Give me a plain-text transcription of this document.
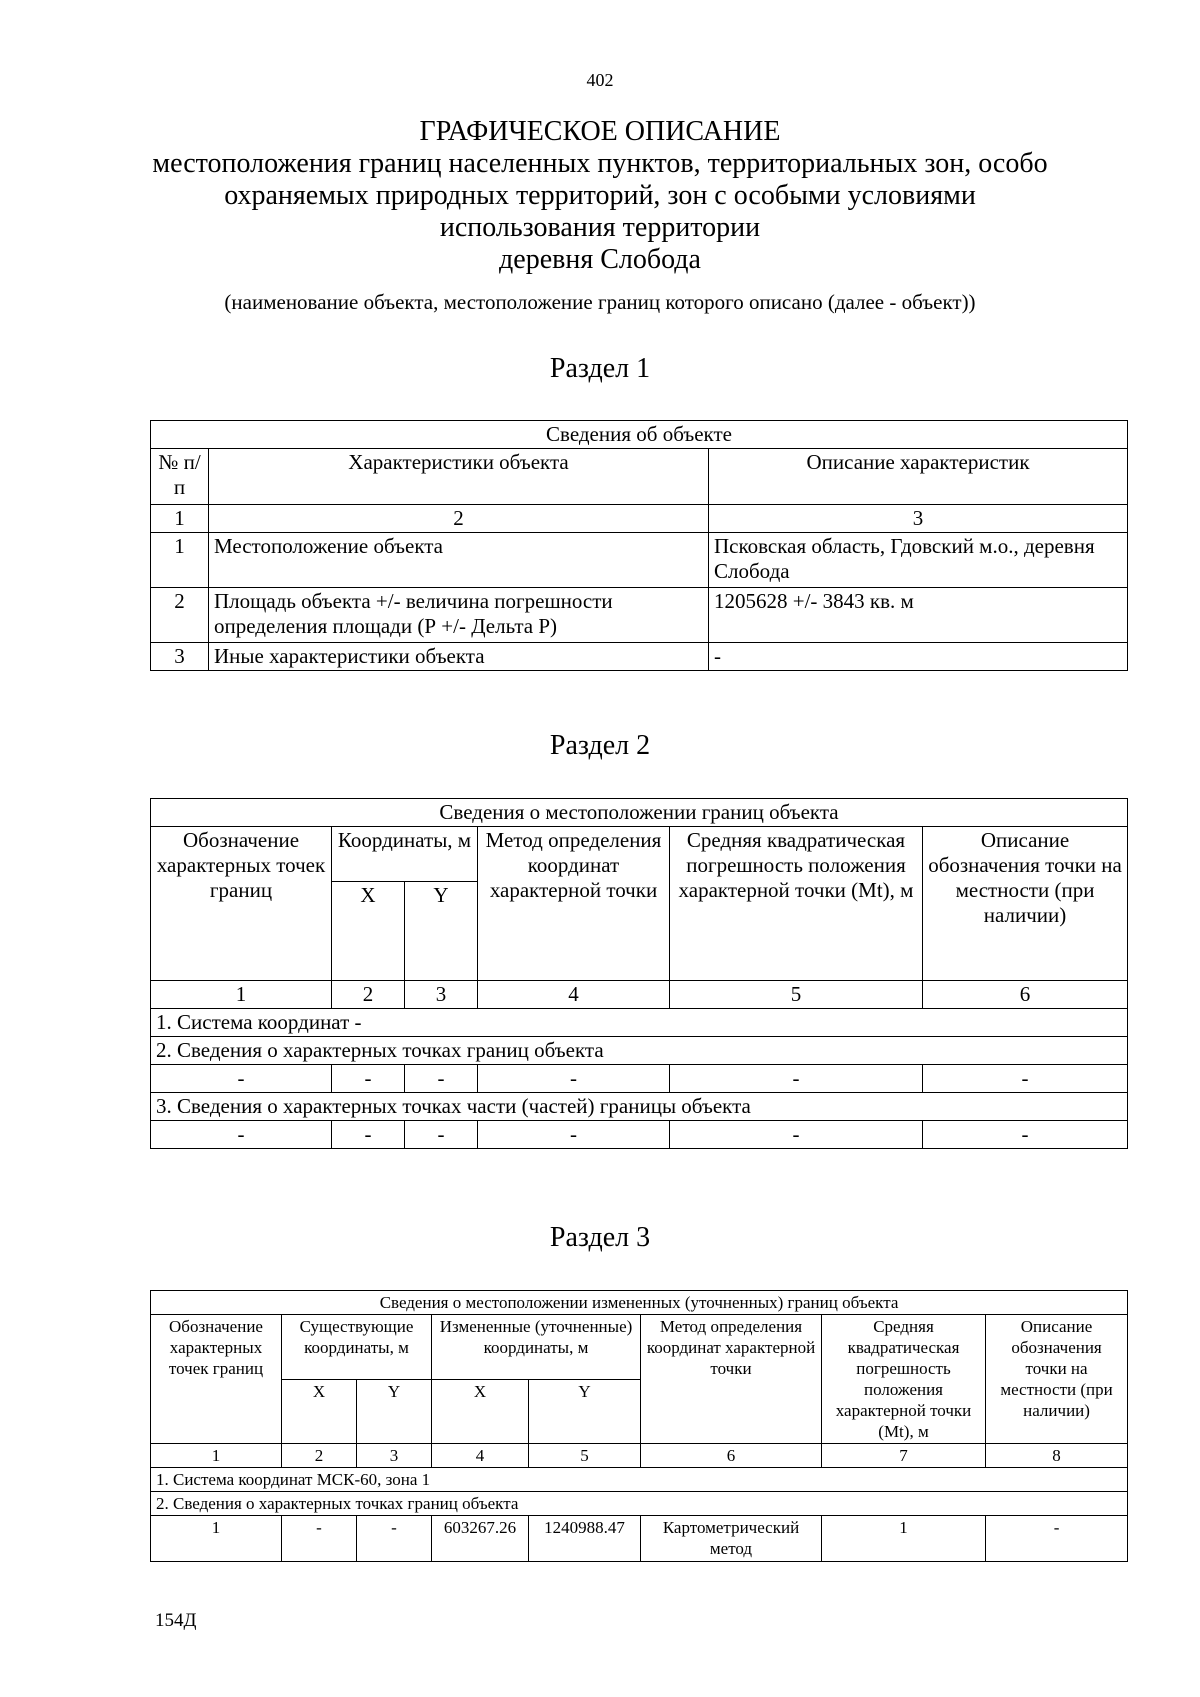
402
ГРАФИЧЕСКОЕ ОПИСАНИЕ
местоположения границ населенных пунктов, территориальных зон, особо
охраняемых природных территорий, зон с особыми условиями
использования территории
деревня Слобода
(наименование объекта, местоположение границ которого описано (далее - объект))
Раздел 1
Сведения об объекте		
№ п/п	Характеристики объекта	Описание характеристик
1	2	3
1	Местоположение объекта	Псковская область, Гдовский м.о., деревня Слобода
2	Площадь объекта +/- величина погрешности определения площади (Р +/- Дельта Р)	1205628 +/- 3843 кв. м
3	Иные характеристики объекта	-
Раздел 2
Сведения о местоположении границ объекта					
Обозначение характерных точек границ	Координаты, м		Метод определения координат характерной точки	Средняя квадратическая погрешность положения характерной точки (Mt), м	Описание обозначения точки на местности (при наличии)
	X	Y			
1	2	3	4	5	6
1. Система координат -					
2. Сведения о характерных точках границ объекта					
-	-	-	-	-	-
3. Сведения о характерных точках части (частей) границы объекта					
-	-	-	-	-	-
Раздел 3
Сведения о местоположении измененных (уточненных) границ объекта							
Обозначение характерных точек границ	Существующие координаты, м		Измененные (уточненные) координаты, м		Метод определения координат характерной точки	Средняя квадратическая погрешность положения характерной точки (Mt), м	Описание обозначения точки на местности (при наличии)
	X	Y	X	Y			
1	2	3	4	5	6	7	8
1. Система координат МСК-60, зона 1							
2. Сведения о характерных точках границ объекта							
1	-	-	603267.26	1240988.47	Картометрический метод	1	-
154Д
